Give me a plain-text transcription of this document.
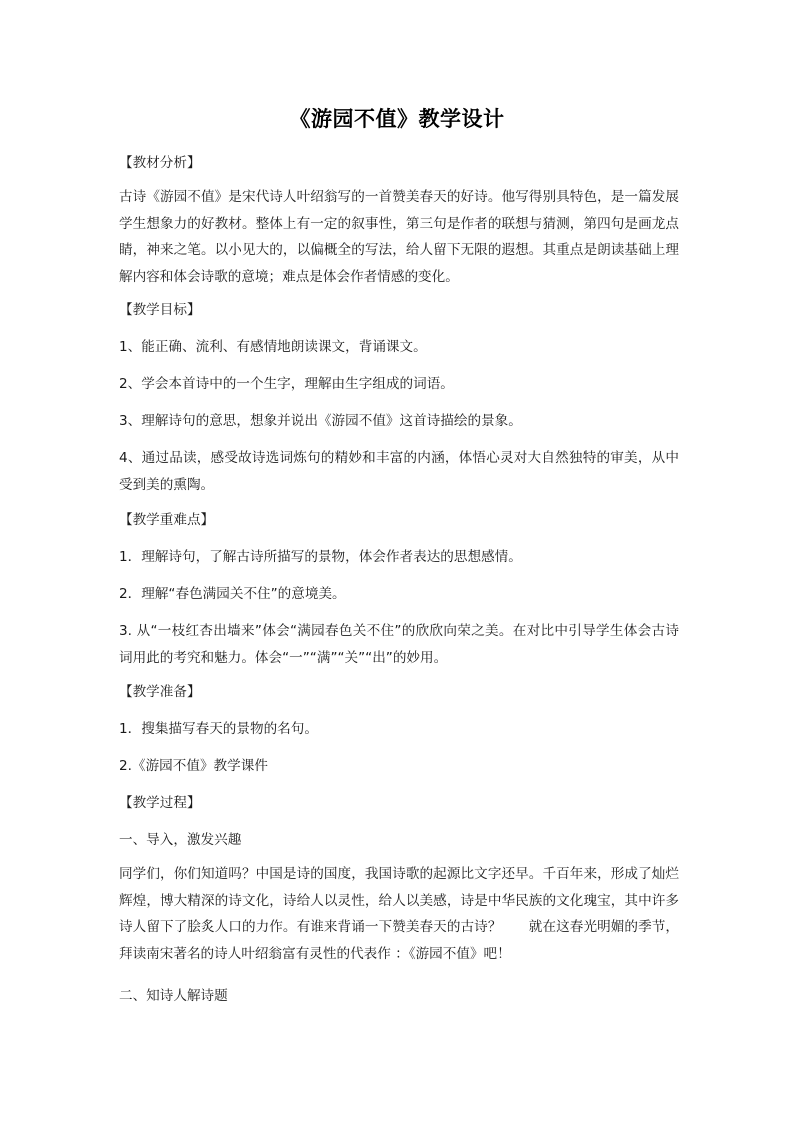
《游园不值》教学设计
【教材分析】
古诗《游园不值》是宋代诗人叶绍翁写的一首赞美春天的好诗。他写得别具特色，是一篇发展学生想象力的好教材。整体上有一定的叙事性，第三句是作者的联想与猜测，第四句是画龙点睛，神来之笔。以小见大的，以偏概全的写法，给人留下无限的遐想。其重点是朗读基础上理解内容和体会诗歌的意境；难点是体会作者情感的变化。
【教学目标】
1、能正确、流利、有感情地朗读课文，背诵课文。
2、学会本首诗中的一个生字，理解由生字组成的词语。
3、理解诗句的意思，想象并说出《游园不值》这首诗描绘的景象。
4、通过品读，感受故诗选词炼句的精妙和丰富的内涵，体悟心灵对大自然独特的审美，从中受到美的熏陶。
【教学重难点】
1．理解诗句，了解古诗所描写的景物，体会作者表达的思想感情。
2．理解“春色满园关不住”的意境美。
3. 从“一枝红杏出墙来”体会“满园春色关不住”的欣欣向荣之美。在对比中引导学生体会古诗词用此的考究和魅力。体会“一”“满”“关”“出”的妙用。
【教学准备】
1．搜集描写春天的景物的名句。
2.《游园不值》教学课件
【教学过程】
一、导入，激发兴趣
同学们，你们知道吗？中国是诗的国度，我国诗歌的起源比文字还早。千百年来，形成了灿烂辉煌，博大精深的诗文化，诗给人以灵性，给人以美感，诗是中华民族的文化瑰宝，其中许多诗人留下了脍炙人口的力作。有谁来背诵一下赞美春天的古诗？　　就在这春光明媚的季节，拜读南宋著名的诗人叶绍翁富有灵性的代表作 ：《游园不值》吧！
二、知诗人解诗题
